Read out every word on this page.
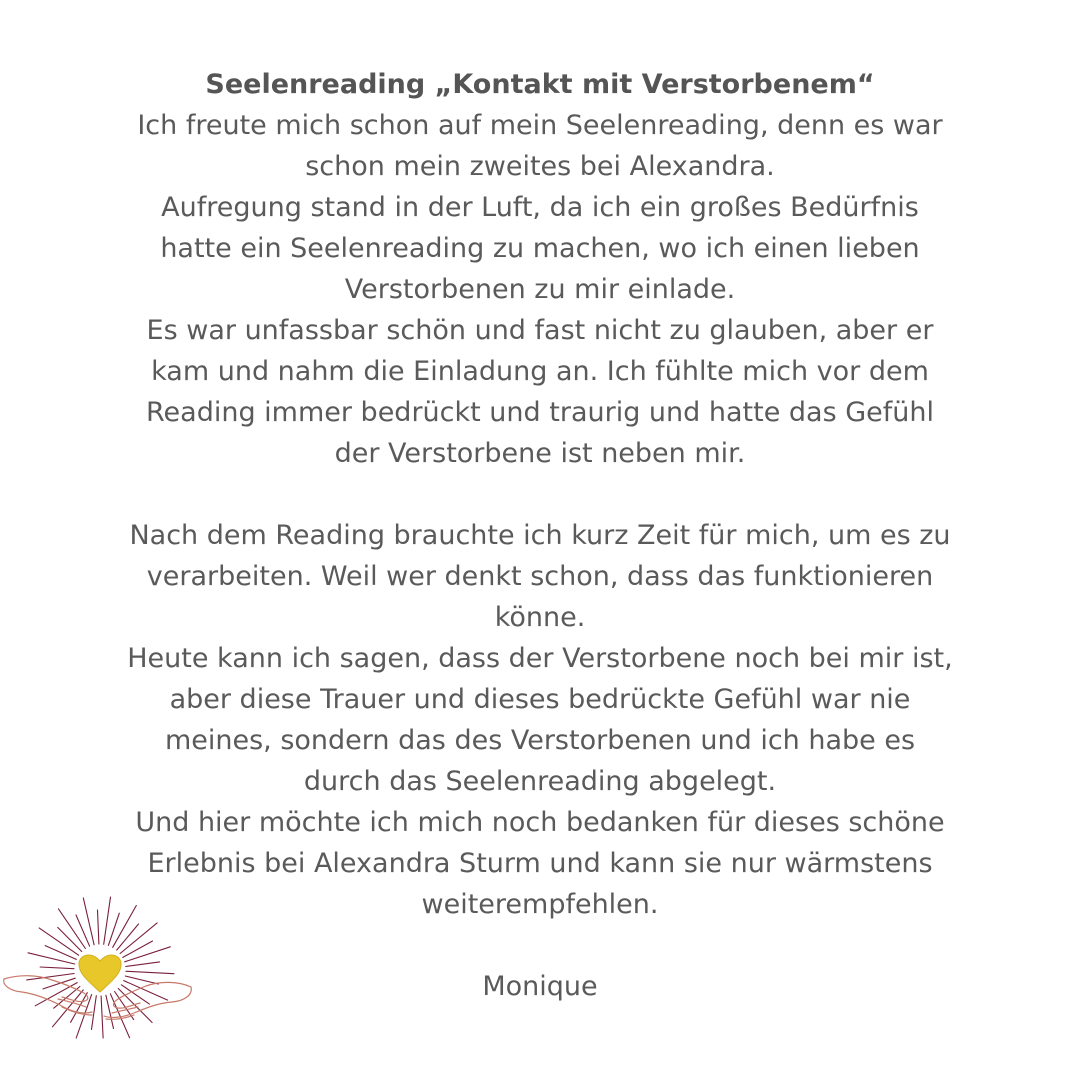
Seelenreading „Kontakt mit Verstorbenem“

Ich freute mich schon auf mein Seelenreading, denn es war
schon mein zweites bei Alexandra.

Aufregung stand in der Luft, da ich ein großes Bedürfnis
hatte ein Seelenreading zu machen, wo ich einen lieben
Verstorbenen zu mir einlade.

Es war unfassbar schön und fast nicht zu glauben, aber er
kam und nahm die Einladung an. Ich fühlte mich vor dem
Reading immer bedrückt und traurig und hatte das Gefühl
der Verstorbene ist neben mir.

Nach dem Reading brauchte ich kurz Zeit für mich, um es zu
verarbeiten. Weil wer denkt schon, dass das funktionieren
könne.

Heute kann ich sagen, dass der Verstorbene noch bei mir ist,
aber diese Trauer und dieses bedrückte Gefühl war nie
meines, sondern das des Verstorbenen und ich habe es
durch das Seelenreading abgelegt.

Und hier möchte ich mich noch bedanken für dieses schöne
Erlebnis bei Alexandra Sturm und kann sie nur wärmstens
weiterempfehlen.

Monique
